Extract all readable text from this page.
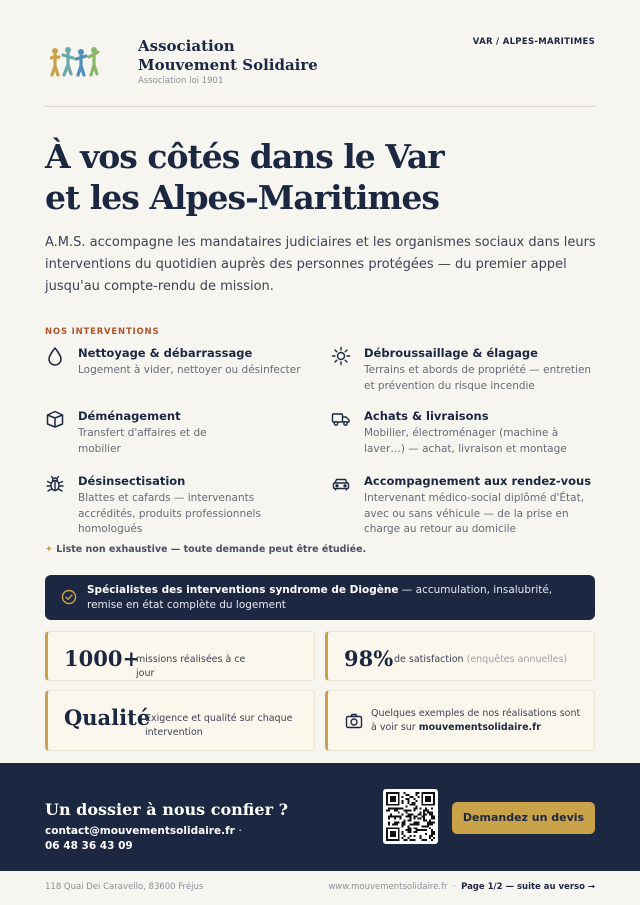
Association
Mouvement Solidaire
Association loi 1901
VAR / ALPES-MARITIMES
À vos côtés dans le Var
et les Alpes-Maritimes

A.M.S. accompagne les mandataires judiciaires et les organismes sociaux dans leurs interventions du quotidien auprès des personnes protégées — du premier appel jusqu'au compte-rendu de mission.

NOS INTERVENTIONS
Nettoyage & débarrassage
Logement à vider, nettoyer ou désinfecter
Débroussaillage & élagage
Terrains et abords de propriété — entretien et prévention du risque incendie
Déménagement
Transfert d'affaires et de mobilier
Achats & livraisons
Mobilier, électroménager (machine à laver…) — achat, livraison et montage
Désinsectisation
Blattes et cafards — intervenants accrédités, produits professionnels homologués
Accompagnement aux rendez-vous
Intervenant médico-social diplômé d'État, avec ou sans véhicule — de la prise en charge au retour au domicile
✦ Liste non exhaustive — toute demande peut être étudiée.
Spécialistes des interventions syndrome de Diogène — accumulation, insalubrité, remise en état complète du logement
1000+
missions réalisées à ce jour
98% de satisfaction (enquêtes annuelles)
Qualité
Exigence et qualité sur chaque intervention
Quelques exemples de nos réalisations sont à voir sur mouvementsolidaire.fr
Un dossier à nous confier ?
contact@mouvementsolidaire.fr ·
06 48 36 43 09
Demandez un devis
118 Quai Dei Caravello, 83600 Fréjus	www.mouvementsolidaire.fr · Page 1/2 — suite au verso →
